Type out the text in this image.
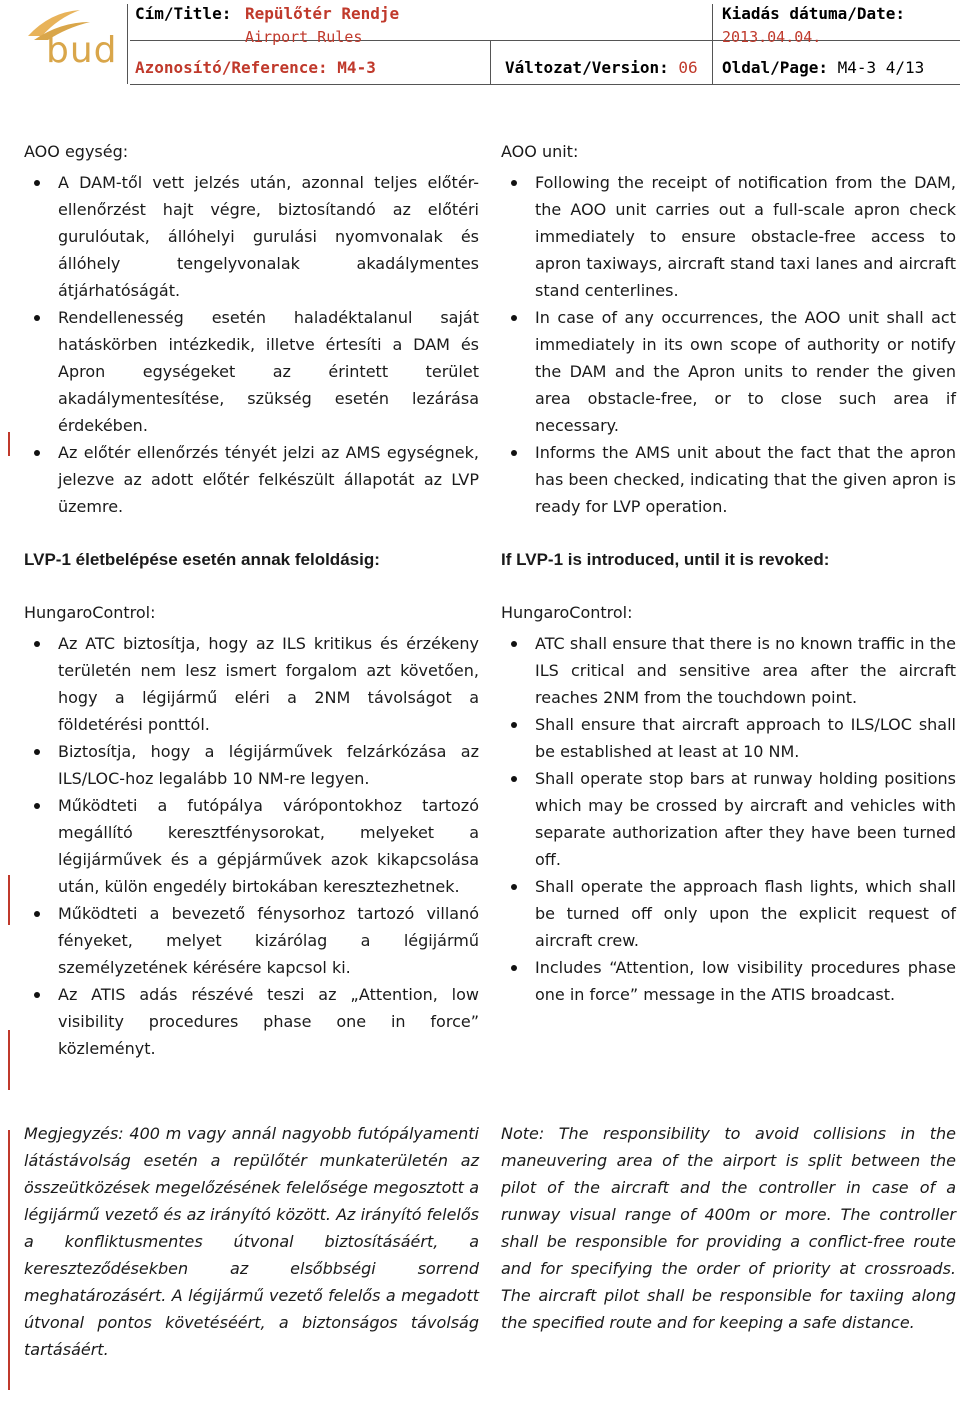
bud
Cím/Title: Repülőtér Rendje
Airport Rules
Kiadás dátuma/Date:
2013.04.04.
Azonosító/Reference: M4-3	Változat/Version: 06 Oldal/Page: M4-3 4/13

AOO egység:

A DAM-től vett jelzés után, azonnal teljes előtér-ellenőrzést hajt végre, biztosítandó az előtéri gurulóutak, állóhelyi gurulási nyomvonalak és állóhely tengelyvonalak akadálymentes átjárhatóságát.
Rendellenesség esetén haladéktalanul saját hatáskörben intézkedik, illetve értesíti a DAM és Apron egységeket az érintett terület akadálymentesítése, szükség esetén lezárása érdekében.
Az előtér ellenőrzés tényét jelzi az AMS egységnek, jelezve az adott előtér felkészült állapotát az LVP üzemre.

AOO unit:

Following the receipt of notification from the DAM, the AOO unit carries out a full-scale apron check immediately to ensure obstacle-free access to apron taxiways, aircraft stand taxi lanes and aircraft stand centerlines.
In case of any occurrences, the AOO unit shall act immediately in its own scope of authority or notify the DAM and the Apron units to render the given area obstacle-free, or to close such area if necessary.
Informs the AMS unit about the fact that the apron has been checked, indicating that the given apron is ready for LVP operation.

LVP-1 életbelépése esetén annak feloldásig:

HungaroControl:

Az ATC biztosítja, hogy az ILS kritikus és érzékeny területén nem lesz ismert forgalom azt követően, hogy a légijármű eléri a 2NM távolságot a földetérési ponttól.
Biztosítja, hogy a légijárművek felzárkózása az ILS/LOC-hoz legalább 10 NM-re legyen.
Működteti a futópálya várópontokhoz tartozó megállító keresztfénysorokat, melyeket a légijárművek és a gépjárművek azok kikapcsolása után, külön engedély birtokában keresztezhetnek.
Működteti a bevezető fénysorhoz tartozó villanó fényeket, melyet kizárólag a légijármű személyzetének kérésére kapcsol ki.
Az ATIS adás részévé teszi az „Attention, low visibility procedures phase one in force” közleményt.

If LVP-1 is introduced, until it is revoked:

HungaroControl:

ATC shall ensure that there is no known traffic in the ILS critical and sensitive area after the aircraft reaches 2NM from the touchdown point.
Shall ensure that aircraft approach to ILS/LOC shall be established at least at 10 NM.
Shall operate stop bars at runway holding positions which may be crossed by aircraft and vehicles with separate authorization after they have been turned off.
Shall operate the approach flash lights, which shall be turned off only upon the explicit request of aircraft crew.
Includes “Attention, low visibility procedures phase one in force” message in the ATIS broadcast.
Megjegyzés: 400 m vagy annál nagyobb futópályamenti látástávolság esetén a repülőtér munkaterületén az összeütközések megelőzésének felelősége megosztott a légijármű vezető és az irányító között. Az irányító felelős a konfliktusmentes útvonal biztosításáért, a kereszteződésekben az elsőbbségi sorrend meghatározásért. A légijármű vezető felelős a megadott útvonal pontos követéséért, a biztonságos távolság tartásáért.
Note: The responsibility to avoid collisions in the maneuvering area of the airport is split between the pilot of the aircraft and the controller in case of a runway visual range of 400m or more. The controller shall be responsible for providing a conflict-free route and for specifying the order of priority at crossroads. The aircraft pilot shall be responsible for taxiing along the specified route and for keeping a safe distance.
